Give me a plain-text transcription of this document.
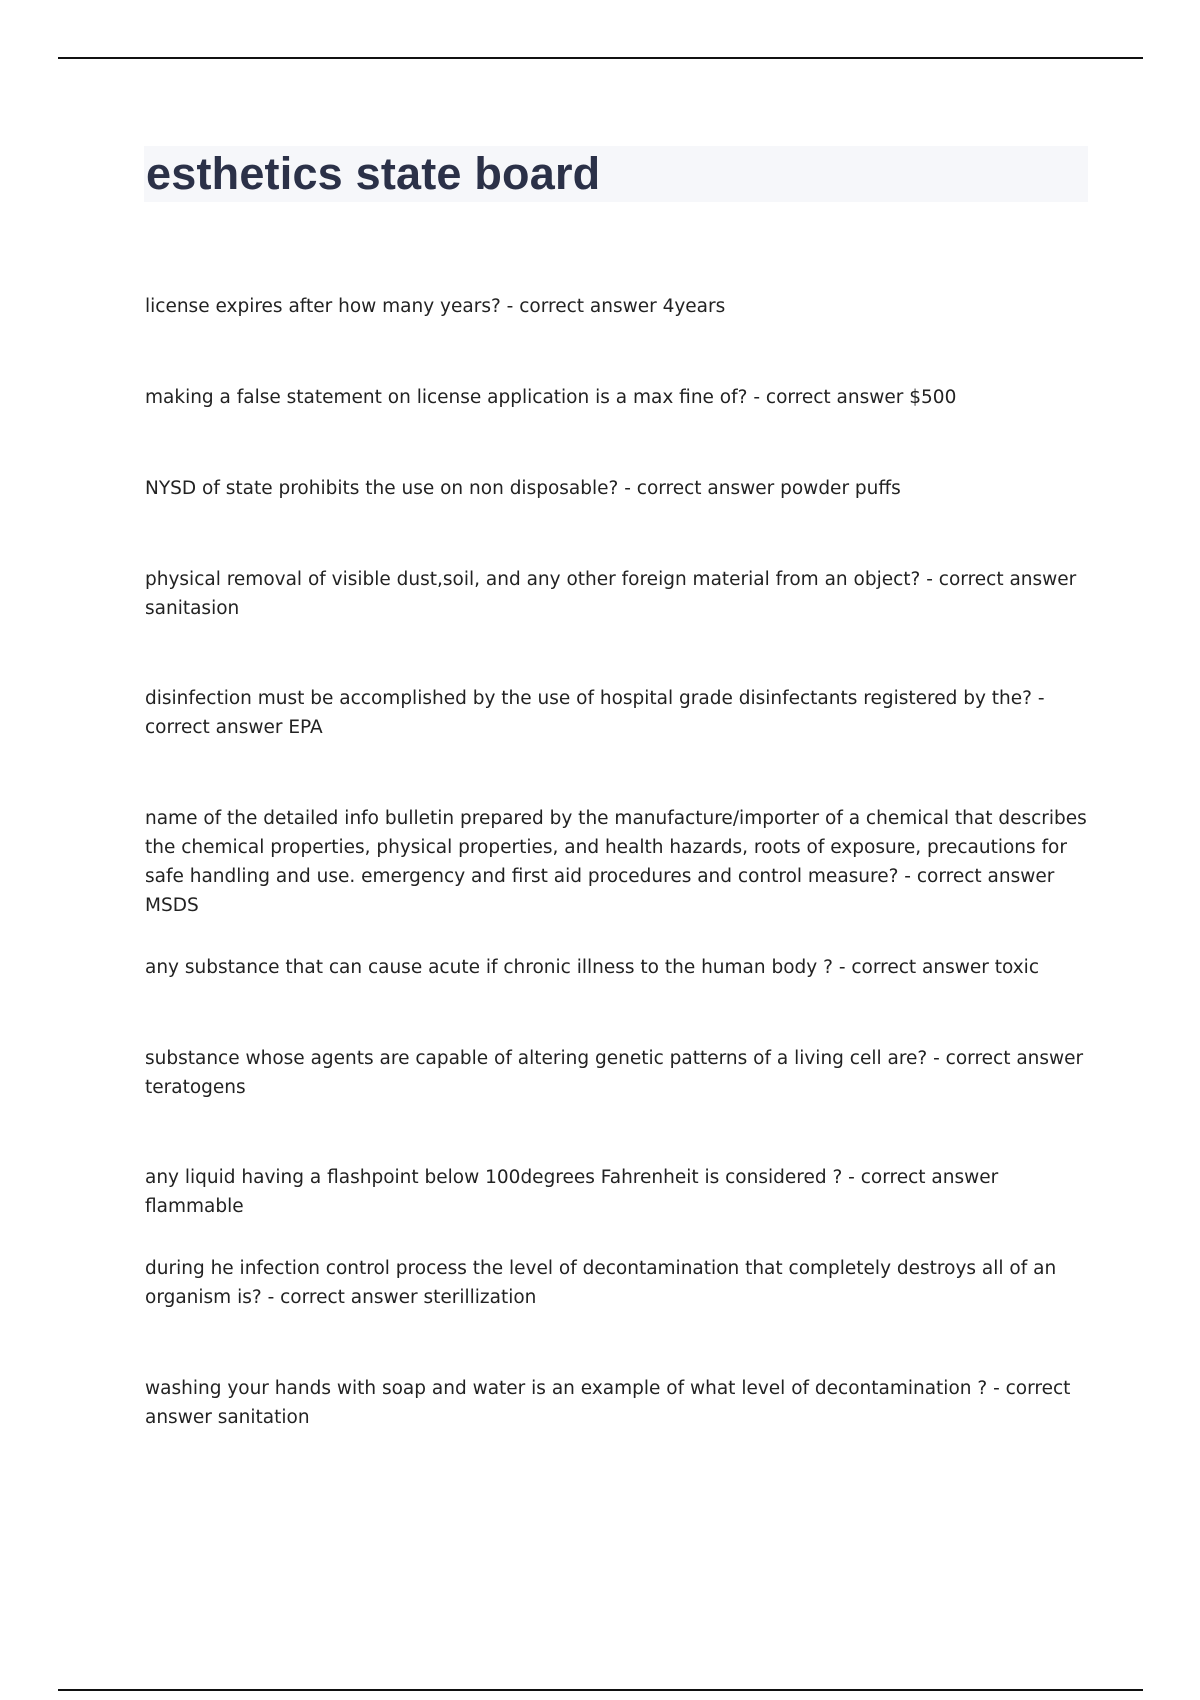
esthetics state board

license expires after how many years? - correct answer 4years

making a false statement on license application is a max fine of? - correct answer $500

NYSD of state prohibits the use on non disposable? - correct answer powder puffs

physical removal of visible dust,soil, and any other foreign material from an object? - correct answer sanitasion

disinfection must be accomplished by the use of hospital grade disinfectants registered by the? - correct answer EPA

name of the detailed info bulletin prepared by the manufacture/importer of a chemical that describes the chemical properties, physical properties, and health hazards, roots of exposure, precautions for safe handling and use. emergency and first aid procedures and control measure? - correct answer MSDS

any substance that can cause acute if chronic illness to the human body ? - correct answer toxic

substance whose agents are capable of altering genetic patterns of a living cell are? - correct answer teratogens

any liquid having a flashpoint below 100degrees Fahrenheit is considered ? - correct answer flammable

during he infection control process the level of decontamination that completely destroys all of an organism is? - correct answer sterillization

washing your hands with soap and water is an example of what level of decontamination ? - correct answer sanitation
